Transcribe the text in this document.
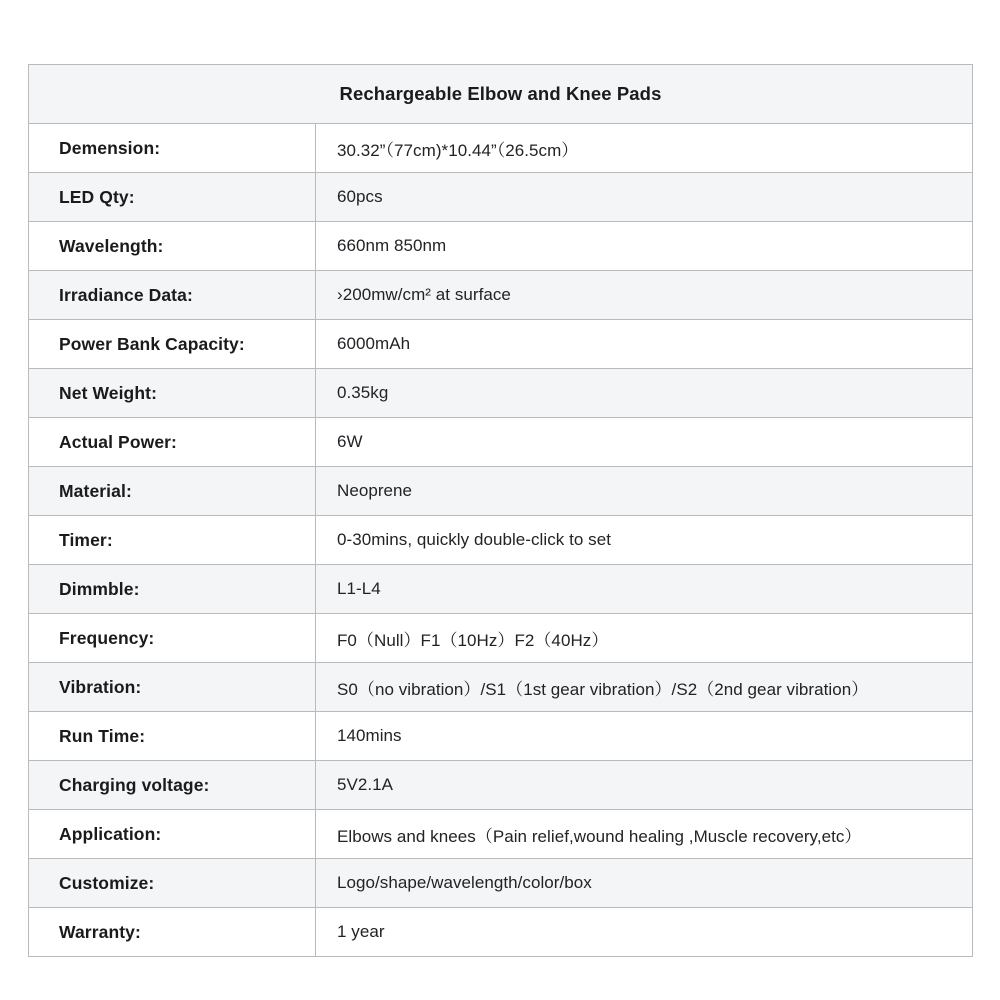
Rechargeable Elbow and Knee Pads	
Demension:	30.32”（77cm)*10.44”（26.5cm）
LED Qty:	60pcs
Wavelength:	660nm 850nm
Irradiance Data:	›200mw/cm² at surface
Power Bank Capacity:	6000mAh
Net Weight:	0.35kg
Actual Power:	6W
Material:	Neoprene
Timer:	0-30mins, quickly double-click to set
Dimmble:	L1-L4
Frequency:	F0（Null）F1（10Hz）F2（40Hz）
Vibration:	S0（no vibration）/S1（1st gear vibration）/S2（2nd gear vibration）
Run Time:	140mins
Charging voltage:	5V2.1A
Application:	Elbows and knees（Pain relief,wound healing ,Muscle recovery,etc）
Customize:	Logo/shape/wavelength/color/box
Warranty:	1 year
